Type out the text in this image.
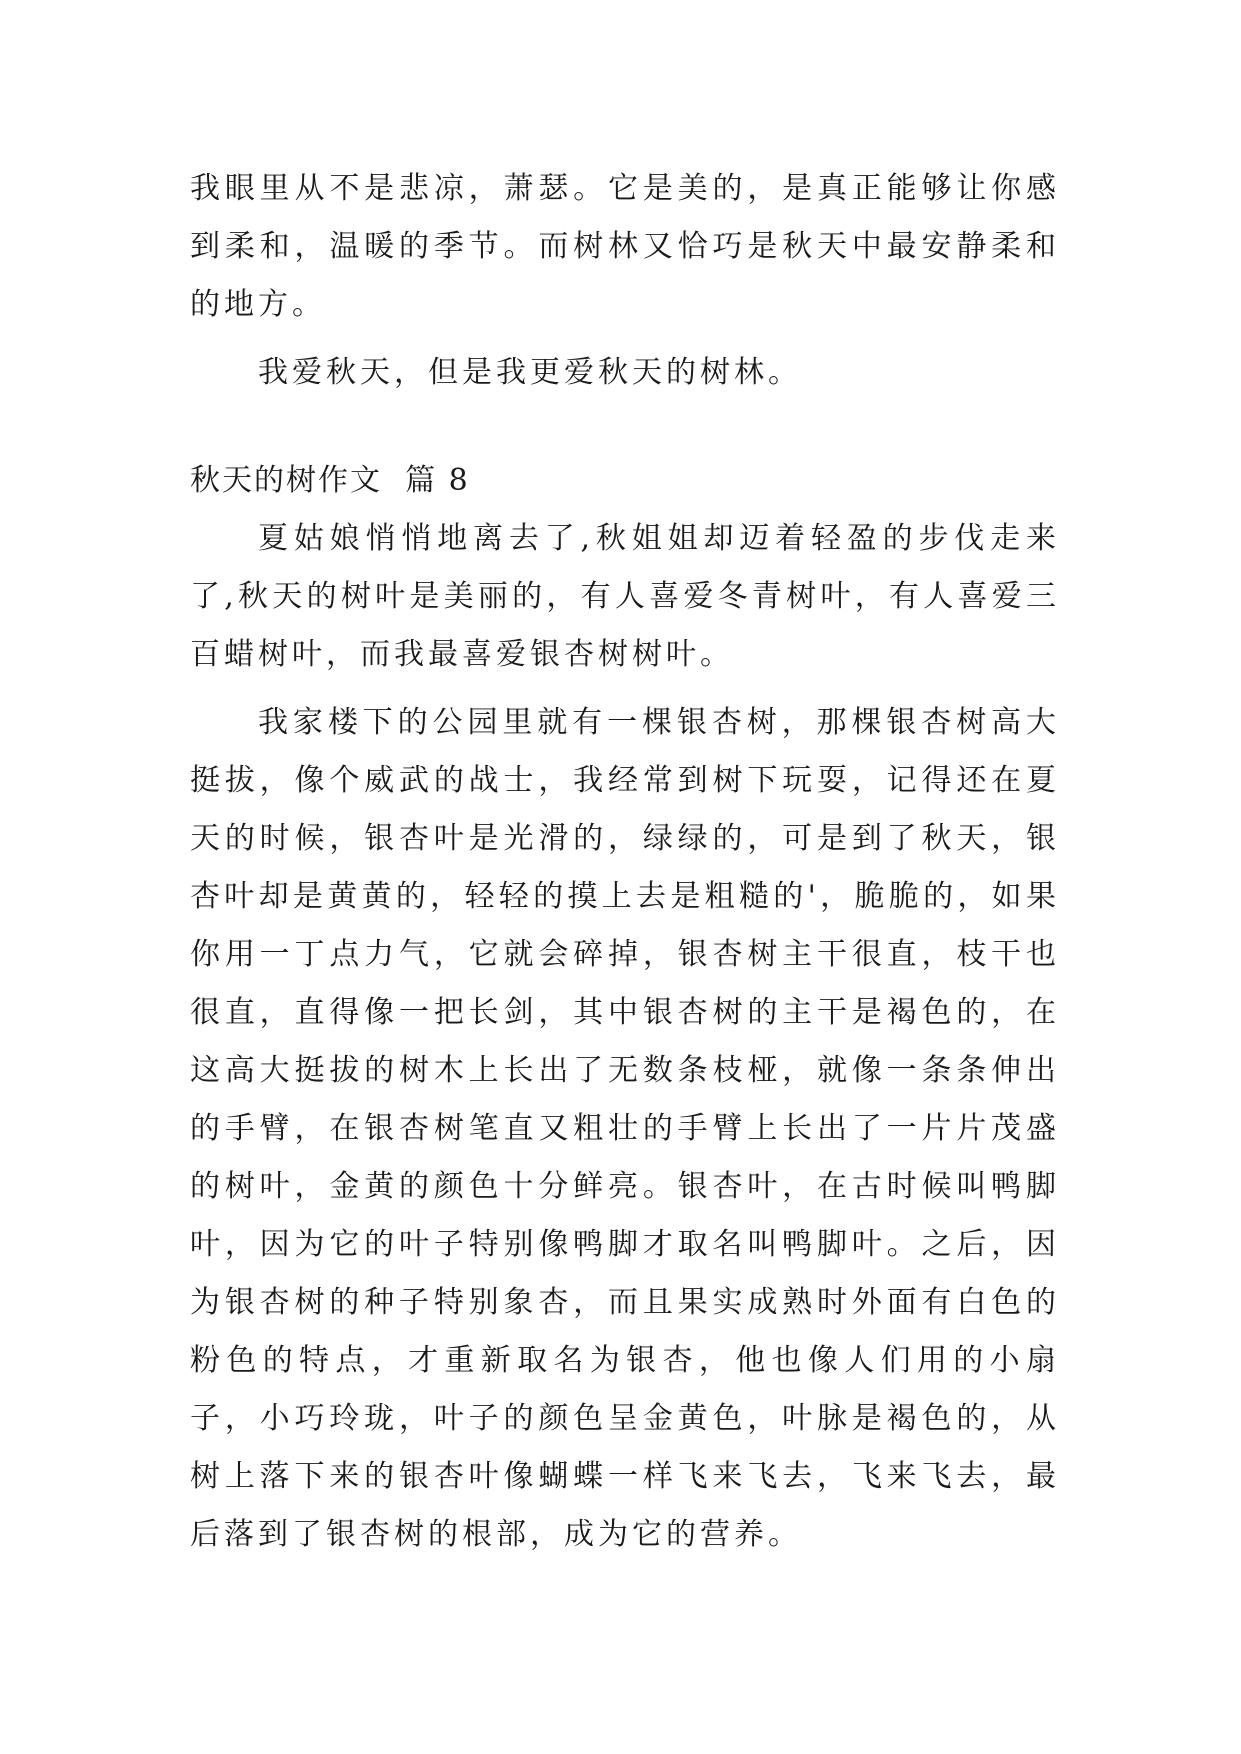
我眼里从不是悲凉，萧瑟。它是美的，是真正能够让你感到柔和，温暖的季节。而树林又恰巧是秋天中最安静柔和的地方。

我爱秋天，但是我更爱秋天的树林。

秋天的树作文 篇 8

夏姑娘悄悄地离去了,秋姐姐却迈着轻盈的步伐走来了,秋天的树叶是美丽的，有人喜爱冬青树叶，有人喜爱三百蜡树叶，而我最喜爱银杏树树叶。

我家楼下的公园里就有一棵银杏树，那棵银杏树高大挺拔，像个威武的战士，我经常到树下玩耍，记得还在夏天的时候，银杏叶是光滑的，绿绿的，可是到了秋天，银杏叶却是黄黄的，轻轻的摸上去是粗糙的'，脆脆的，如果你用一丁点力气，它就会碎掉，银杏树主干很直，枝干也很直，直得像一把长剑，其中银杏树的主干是褐色的，在这高大挺拔的树木上长出了无数条枝桠，就像一条条伸出的手臂，在银杏树笔直又粗壮的手臂上长出了一片片茂盛的树叶，金黄的颜色十分鲜亮。银杏叶，在古时候叫鸭脚叶，因为它的叶子特别像鸭脚才取名叫鸭脚叶。之后，因为银杏树的种子特别象杏，而且果实成熟时外面有白色的粉色的特点，才重新取名为银杏，他也像人们用的小扇子，小巧玲珑，叶子的颜色呈金黄色，叶脉是褐色的，从树上落下来的银杏叶像蝴蝶一样飞来飞去，飞来飞去，最后落到了银杏树的根部，成为它的营养。
